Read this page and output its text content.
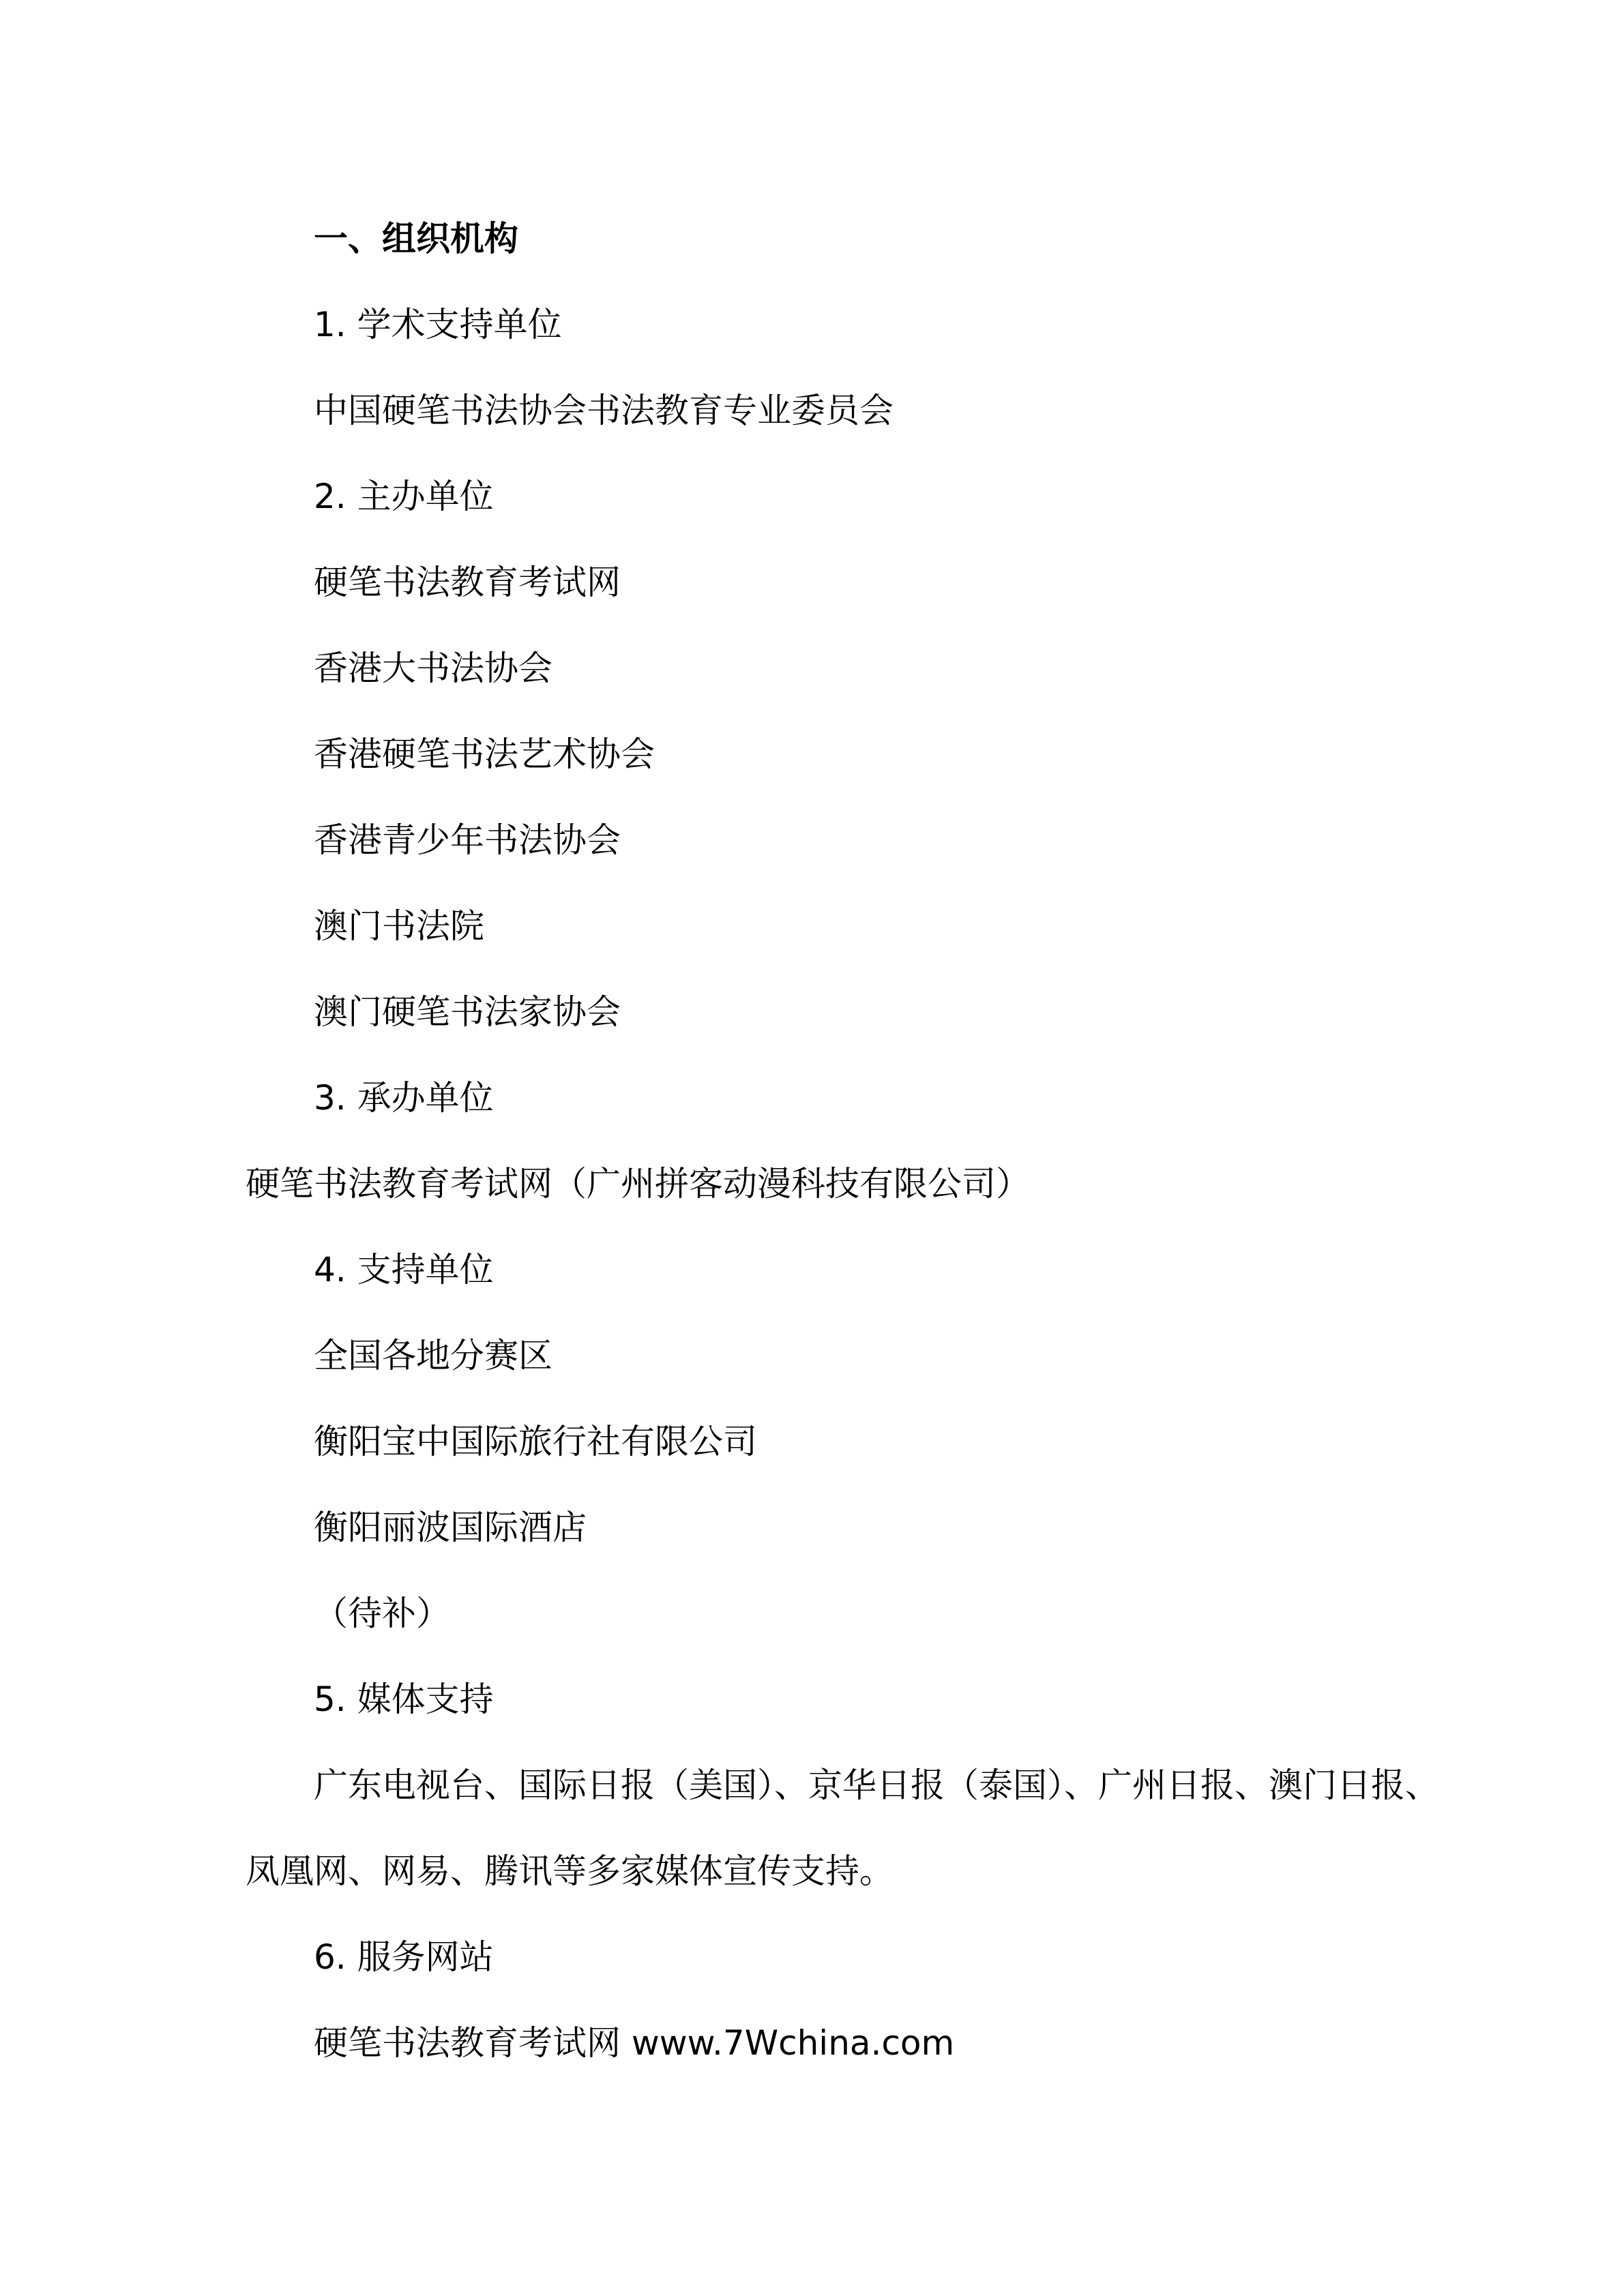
一、组织机构
1. 学术支持单位
中国硬笔书法协会书法教育专业委员会
2. 主办单位
硬笔书法教育考试网
香港大书法协会
香港硬笔书法艺术协会
香港青少年书法协会
澳门书法院
澳门硬笔书法家协会
3. 承办单位
硬笔书法教育考试网（广州拼客动漫科技有限公司）
4. 支持单位
全国各地分赛区
衡阳宝中国际旅行社有限公司
衡阳丽波国际酒店
（待补）
5. 媒体支持
广东电视台、国际日报（美国）、京华日报（泰国）、广州日报、澳门日报、
凤凰网、网易、腾讯等多家媒体宣传支持。
6. 服务网站
硬笔书法教育考试网 www.7Wchina.com
